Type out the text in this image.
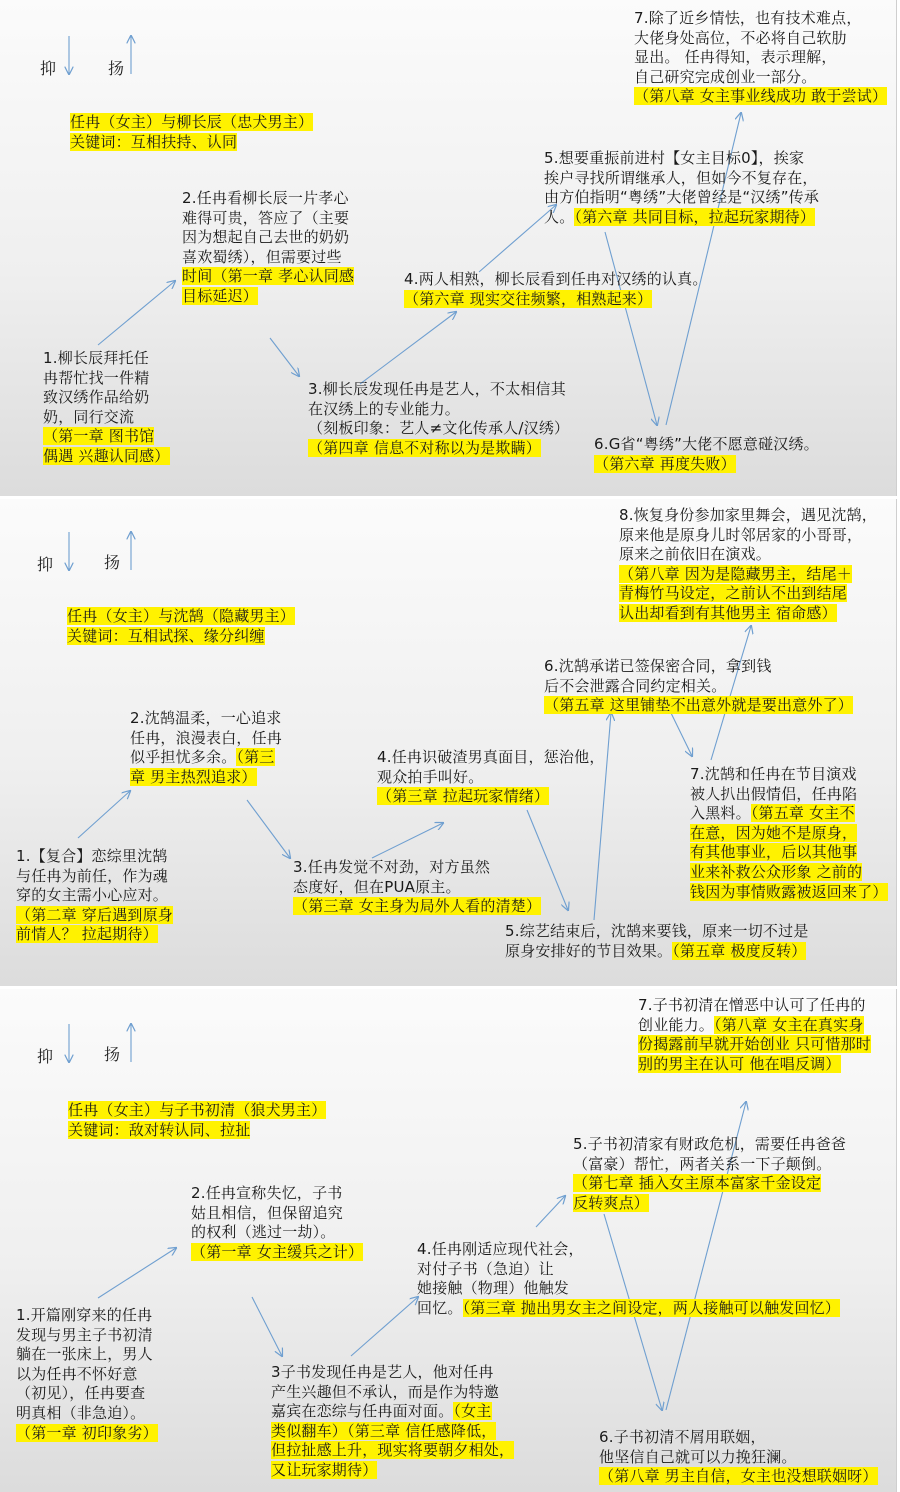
抑	扬
任冉（女主）与柳长辰（忠犬男主）
关键词：互相扶持、认同
1.柳长辰拜托任
冉帮忙找一件精
致汉绣作品给奶
奶，同行交流
（第一章 图书馆
偶遇 兴趣认同感）
2.任冉看柳长辰一片孝心
难得可贵，答应了（主要
因为想起自己去世的奶奶
喜欢蜀绣），但需要过些
时间（第一章 孝心认同感
目标延迟）
3.柳长辰发现任冉是艺人，不太相信其
在汉绣上的专业能力。
（刻板印象：艺人≠文化传承人/汉绣）
（第四章 信息不对称以为是欺瞒）
4.两人相熟，柳长辰看到任冉对汉绣的认真。
（第六章 现实交往频繁，相熟起来）
5.想要重振前进村【女主目标0】，挨家
挨户寻找所谓继承人，但如今不复存在，
由方伯指明“粤绣”大佬曾经是“汉绣”传承
人。（第六章 共同目标，拉起玩家期待）
6.G省“粤绣”大佬不愿意碰汉绣。
（第六章 再度失败）
7.除了近乡情怯，也有技术难点，
大佬身处高位，不必将自己软肋
显出。 任冉得知，表示理解，
自己研究完成创业一部分。
（第八章 女主事业线成功 敢于尝试）
抑	扬
任冉（女主）与沈鹄（隐藏男主）
关键词：互相试探、缘分纠缠
1.【复合】恋综里沈鹄
与任冉为前任，作为魂
穿的女主需小心应对。
（第二章 穿后遇到原身
前情人？ 拉起期待）
2.沈鹄温柔，一心追求
任冉，浪漫表白，任冉
似乎担忧多余。（第三
章 男主热烈追求）
3.任冉发觉不对劲，对方虽然
态度好，但在PUA原主。
（第三章 女主身为局外人看的清楚）
4.任冉识破渣男真面目，惩治他，
观众拍手叫好。
（第三章 拉起玩家情绪）
5.综艺结束后，沈鹄来要钱，原来一切不过是
原身安排好的节目效果。（第五章 极度反转）
6.沈鹄承诺已签保密合同，拿到钱
后不会泄露合同约定相关。
（第五章 这里铺垫不出意外就是要出意外了）
7.沈鹄和任冉在节目演戏
被人扒出假情侣，任冉陷
入黑料。（第五章 女主不
在意，因为她不是原身，
有其他事业，后以其他事
业来补救公众形象 之前的
钱因为事情败露被返回来了）
8.恢复身份参加家里舞会，遇见沈鹄，
原来他是原身儿时邻居家的小哥哥，
原来之前依旧在演戏。
（第八章 因为是隐藏男主，结尾＋
青梅竹马设定，之前认不出到结尾
认出却看到有其他男主 宿命感）
抑	扬
任冉（女主）与子书初清（狼犬男主）
关键词：敌对转认同、拉扯
1.开篇刚穿来的任冉
发现与男主子书初清
躺在一张床上，男人
以为任冉不怀好意
（初见），任冉要查
明真相（非急迫）。
（第一章 初印象劣）
2.任冉宣称失忆，子书
姑且相信，但保留追究
的权利（逃过一劫）。
（第一章 女主缓兵之计）
3子书发现任冉是艺人，他对任冉
产生兴趣但不承认，而是作为特邀
嘉宾在恋综与任冉面对面。（女主
类似翻车）（第三章 信任感降低，
但拉扯感上升，现实将要朝夕相处，
又让玩家期待）
4.任冉刚适应现代社会，
对付子书（急迫）让
她接触（物理）他触发
回忆。（第三章 抛出男女主之间设定，两人接触可以触发回忆）
5.子书初清家有财政危机，需要任冉爸爸
（富豪）帮忙，两者关系一下子颠倒。
（第七章 插入女主原本富家千金设定
反转爽点）
6.子书初清不屑用联姻，
他坚信自己就可以力挽狂澜。
（第八章 男主自信，女主也没想联姻呀）
7.子书初清在憎恶中认可了任冉的
创业能力。（第八章 女主在真实身
份揭露前早就开始创业 只可惜那时
别的男主在认可 他在唱反调）
